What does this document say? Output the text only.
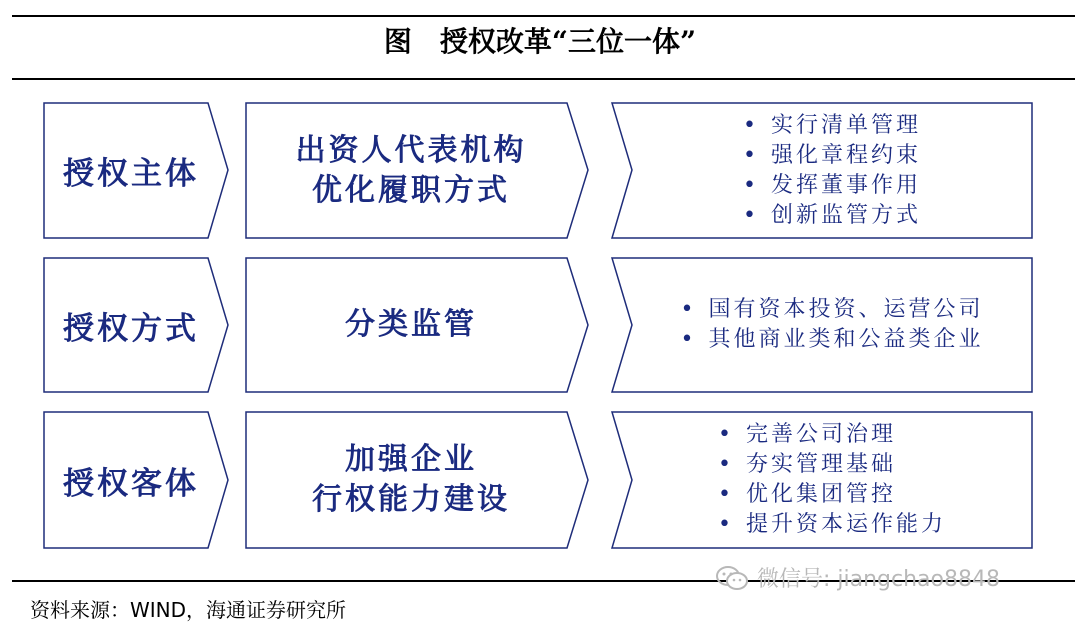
图　授权改革“三位一体”
授权主体
出资人代表机构
优化履职方式
• 实行清单管理
• 强化章程约束
• 发挥董事作用
• 创新监管方式
授权方式	分类监管	• 国有资本投资、运营公司
• 其他商业类和公益类企业
授权客体
加强企业
行权能力建设
• 完善公司治理
• 夯实管理基础
• 优化集团管控
• 提升资本运作能力
微信号: jiangchao8848
资料来源：WIND，海通证券研究所
